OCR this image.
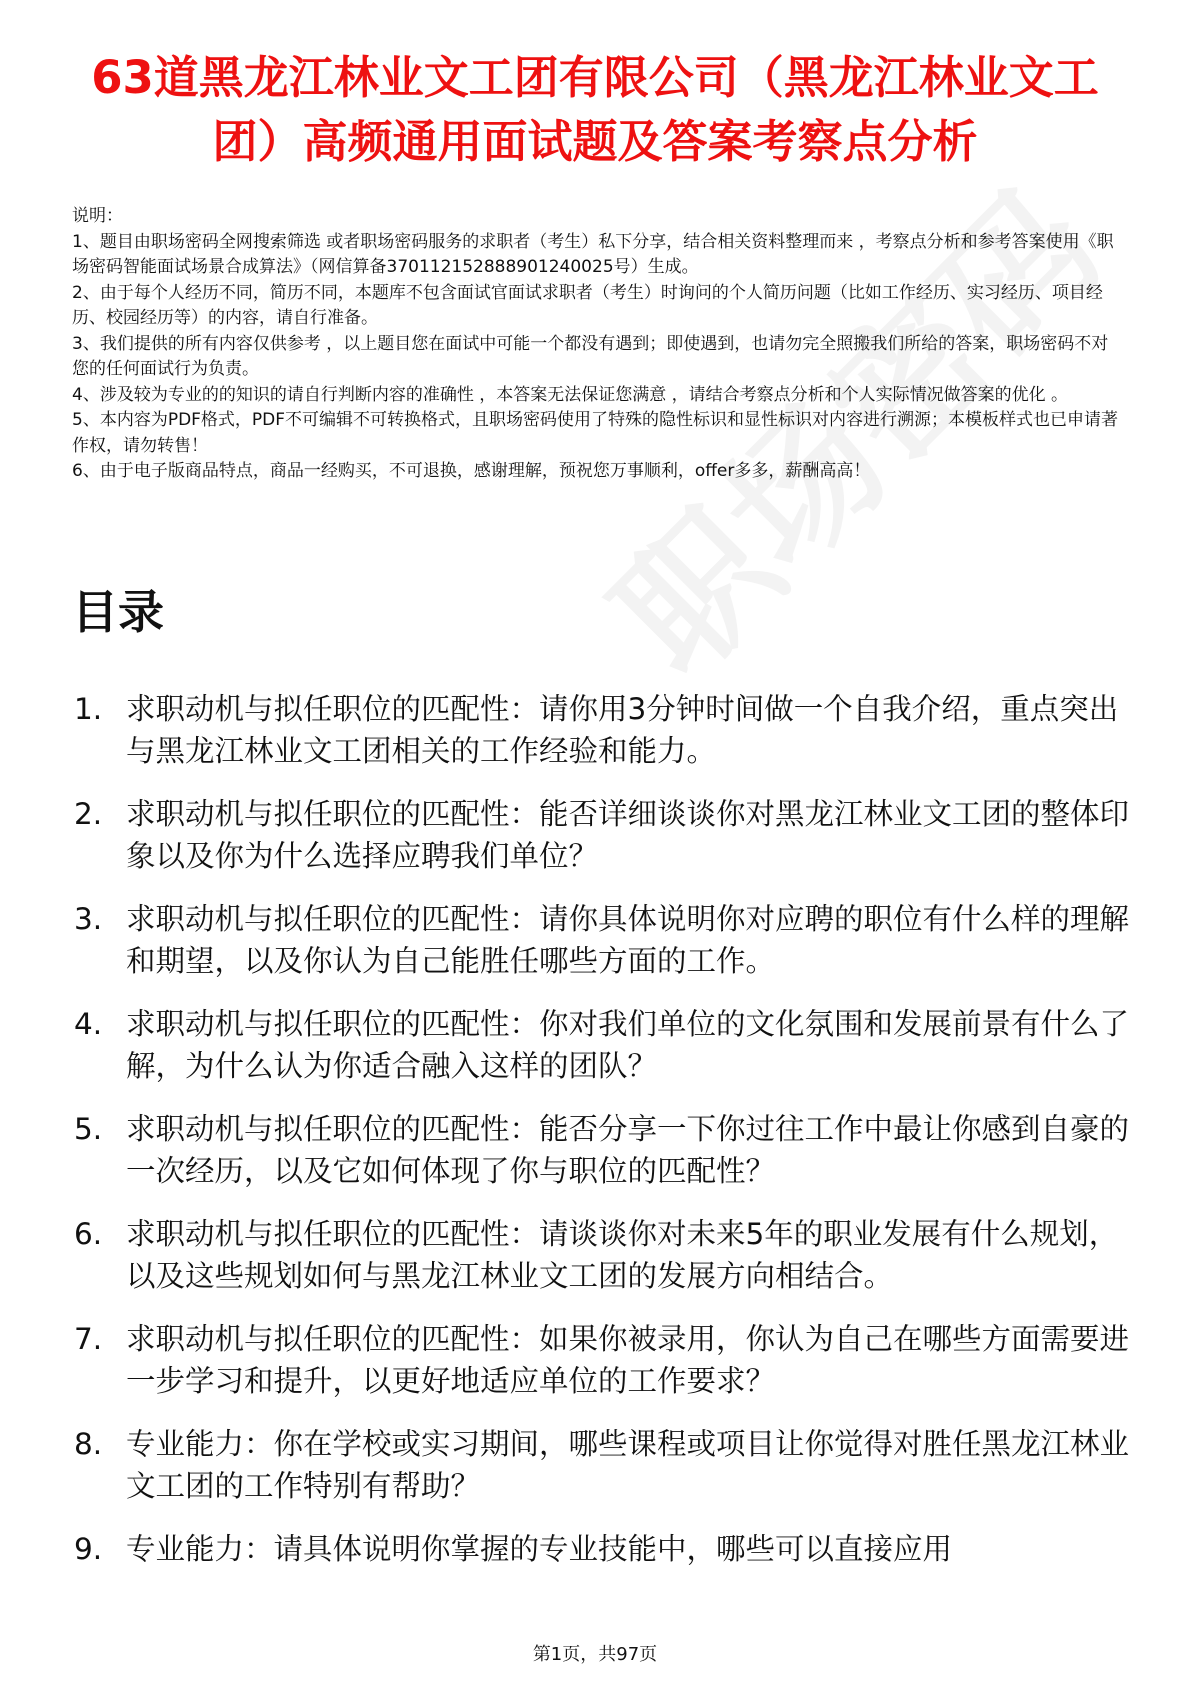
63道黑龙江林业文工团有限公司（黑龙江林业文工团）高频通用面试题及答案考察点分析
说明：
1、题目由职场密码全网搜索筛选 或者职场密码服务的求职者（考生）私下分享，结合相关资料整理而来 ，考察点分析和参考答案使用《职场密码智能面试场景合成算法》（网信算备370112152888901240025号）生成。
2、由于每个人经历不同，简历不同，本题库不包含面试官面试求职者（考生）时询问的个人简历问题（比如工作经历、实习经历、项目经历、校园经历等）的内容，请自行准备。
3、我们提供的所有内容仅供参考 ，以上题目您在面试中可能一个都没有遇到；即使遇到，也请勿完全照搬我们所给的答案，职场密码不对您的任何面试行为负责。
4、涉及较为专业的的知识的请自行判断内容的准确性 ，本答案无法保证您满意 ，请结合考察点分析和个人实际情况做答案的优化 。
5、本内容为PDF格式，PDF不可编辑不可转换格式，且职场密码使用了特殊的隐性标识和显性标识对内容进行溯源；本模板样式也已申请著作权，请勿转售！
6、由于电子版商品特点，商品一经购买，不可退换，感谢理解，预祝您万事顺利，offer多多，薪酬高高！
目录
1. 求职动机与拟任职位的匹配性：请你用3分钟时间做一个自我介绍，重点突出与黑龙江林业文工团相关的工作经验和能力。
2. 求职动机与拟任职位的匹配性：能否详细谈谈你对黑龙江林业文工团的整体印象以及你为什么选择应聘我们单位？
3. 求职动机与拟任职位的匹配性：请你具体说明你对应聘的职位有什么样的理解和期望，以及你认为自己能胜任哪些方面的工作。
4. 求职动机与拟任职位的匹配性：你对我们单位的文化氛围和发展前景有什么了解，为什么认为你适合融入这样的团队？
5. 求职动机与拟任职位的匹配性：能否分享一下你过往工作中最让你感到自豪的一次经历，以及它如何体现了你与职位的匹配性？
6. 求职动机与拟任职位的匹配性：请谈谈你对未来5年的职业发展有什么规划，以及这些规划如何与黑龙江林业文工团的发展方向相结合。
7. 求职动机与拟任职位的匹配性：如果你被录用，你认为自己在哪些方面需要进一步学习和提升，以更好地适应单位的工作要求？
8. 专业能力：你在学校或实习期间，哪些课程或项目让你觉得对胜任黑龙江林业文工团的工作特别有帮助？
9. 专业能力：请具体说明你掌握的专业技能中，哪些可以直接应用
第1页，共97页
